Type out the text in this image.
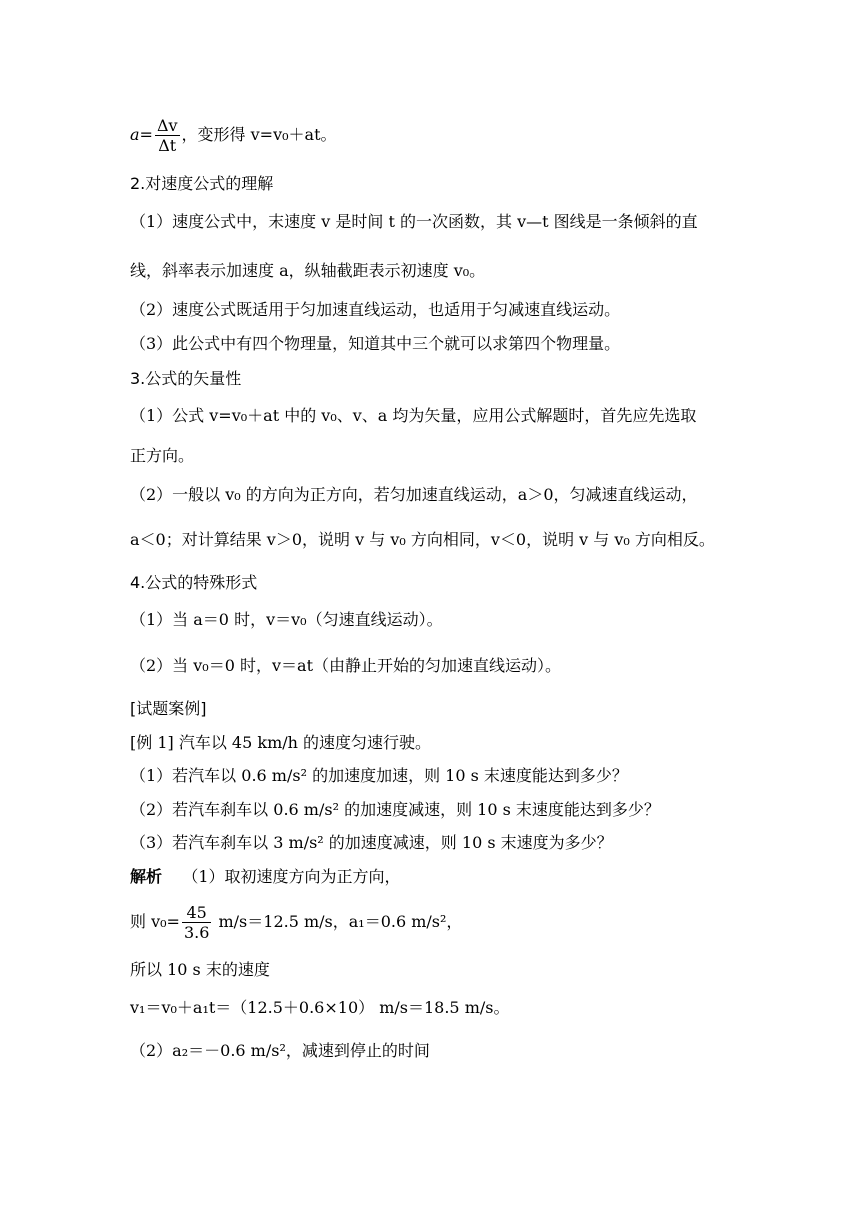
$a= \frac{\Delta v}{\Delta t}$ ，变形得 v=v₀＋at。
2.对速度公式的理解
（1）速度公式中，末速度 v 是时间 t 的一次函数，其 v—t 图线是一条倾斜的直
线，斜率表示加速度 a，纵轴截距表示初速度 v₀。
（2）速度公式既适用于匀加速直线运动，也适用于匀减速直线运动。
（3）此公式中有四个物理量，知道其中三个就可以求第四个物理量。
3.公式的矢量性
（1）公式 v=v₀＋at 中的 v₀、v、a 均为矢量，应用公式解题时，首先应先选取
正方向。
（2）一般以 v₀ 的方向为正方向，若匀加速直线运动，a＞0，匀减速直线运动，
a＜0；对计算结果 v＞0，说明 v 与 v₀ 方向相同，v＜0，说明 v 与 v₀ 方向相反。
4.公式的特殊形式
（1）当 a＝0 时，v＝v₀（匀速直线运动）。
（2）当 v₀＝0 时，v＝at（由静止开始的匀加速直线运动）。
[试题案例]
[例 1] 汽车以 45 km/h 的速度匀速行驶。
（1）若汽车以 0.6 m/s² 的加速度加速，则 10 s 末速度能达到多少？
（2）若汽车刹车以 0.6 m/s² 的加速度减速，则 10 s 末速度能达到多少？
（3）若汽车刹车以 3 m/s² 的加速度减速，则 10 s 末速度为多少？
解析 （1）取初速度方向为正方向，
则 $v_0= \frac{45}{3.6} m/s=12.5$ m/s，a₁＝0.6 m/s²，
所以 10 s 末的速度
v₁＝v₀＋a₁t＝（12.5＋0.6×10） m/s＝18.5 m/s。
（2）a₂＝－0.6 m/s²，减速到停止的时间
